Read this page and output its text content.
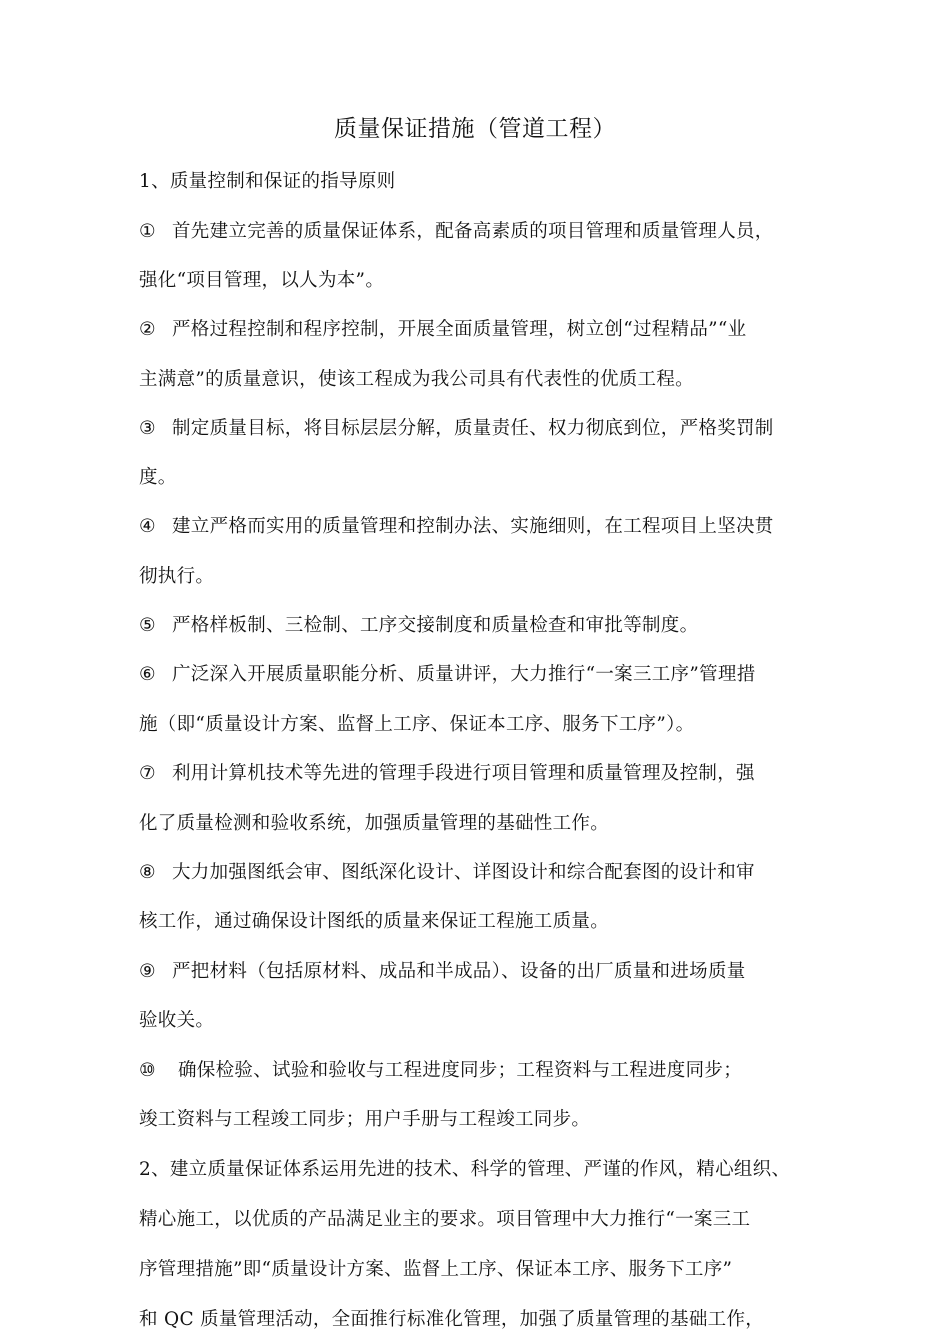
质量保证措施（管道工程）
1、质量控制和保证的指导原则
① 首先建立完善的质量保证体系，配备高素质的项目管理和质量管理人员，
强化“项目管理，以人为本”。
② 严格过程控制和程序控制，开展全面质量管理，树立创“过程精品”“业
主满意”的质量意识，使该工程成为我公司具有代表性的优质工程。
③ 制定质量目标，将目标层层分解，质量责任、权力彻底到位，严格奖罚制
度。
④ 建立严格而实用的质量管理和控制办法、实施细则，在工程项目上坚决贯
彻执行。
⑤ 严格样板制、三检制、工序交接制度和质量检查和审批等制度。
⑥ 广泛深入开展质量职能分析、质量讲评，大力推行“一案三工序”管理措
施（即“质量设计方案、监督上工序、保证本工序、服务下工序”）。
⑦ 利用计算机技术等先进的管理手段进行项目管理和质量管理及控制，强
化了质量检测和验收系统，加强质量管理的基础性工作。
⑧ 大力加强图纸会审、图纸深化设计、详图设计和综合配套图的设计和审
核工作，通过确保设计图纸的质量来保证工程施工质量。
⑨ 严把材料（包括原材料、成品和半成品）、设备的出厂质量和进场质量
验收关。
⑩ 确保检验、试验和验收与工程进度同步；工程资料与工程进度同步；
竣工资料与工程竣工同步；用户手册与工程竣工同步。
2、建立质量保证体系运用先进的技术、科学的管理、严谨的作风，精心组织、
精心施工，以优质的产品满足业主的要求。项目管理中大力推行“一案三工
序管理措施”即“质量设计方案、监督上工序、保证本工序、服务下工序”
和 QC 质量管理活动，全面推行标准化管理，加强了质量管理的基础工作，
